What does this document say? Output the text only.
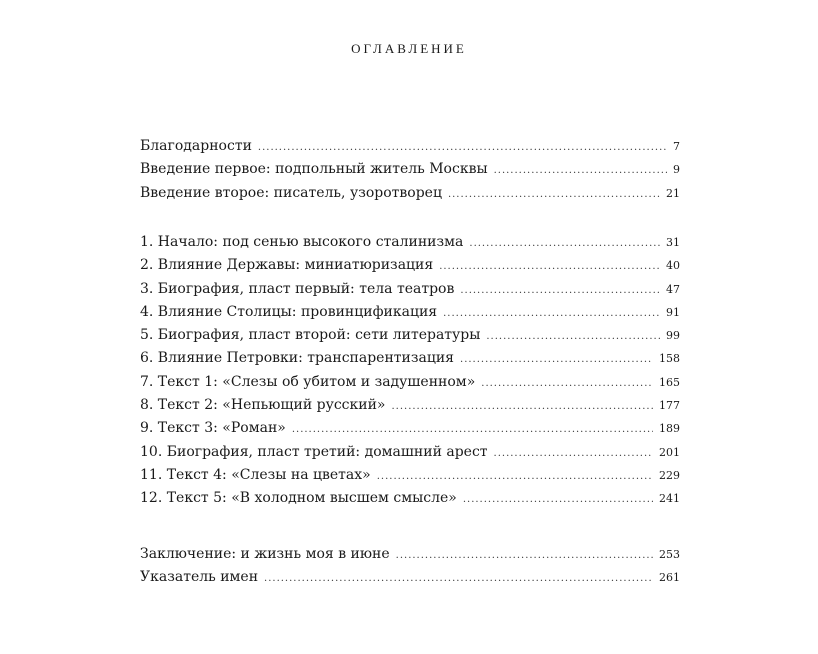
ОГЛАВЛЕНИЕ
Благодарности .....	7
Введение первое: подпольный житель Москвы .....	9
Введение второе: писатель, узоротворец .....	21
1. Начало: под сенью высокого сталинизма .....	31
2. Влияние Державы: миниатюризация .....	40
3. Биография, пласт первый: тела театров .....	47
4. Влияние Столицы: провинцификация .....	91
5. Биография, пласт второй: сети литературы .....	99
6. Влияние Петровки: транспарентизация .....	158
7. Текст 1: «Слезы об убитом и задушенном» .....	165
8. Текст 2: «Непьющий русский» .....	177
9. Текст 3: «Роман» .....	189
10. Биография, пласт третий: домашний арест .....	201
11. Текст 4: «Слезы на цветах» .....	229
12. Текст 5: «В холодном высшем смысле» .....	241
Заключение: и жизнь моя в июне .....	253
Указатель имен .....	261
